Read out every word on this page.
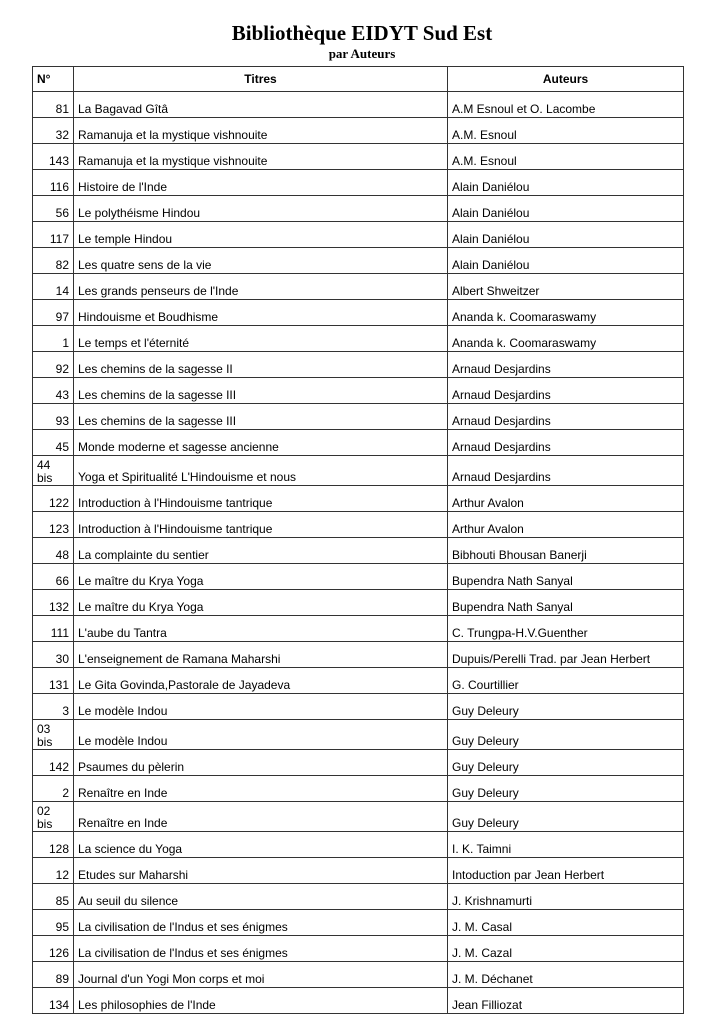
Bibliothèque EIDYT Sud Est
par Auteurs
N°	Titres	Auteurs
81	La Bagavad Gîtâ	A.M Esnoul et O. Lacombe
32	Ramanuja et la mystique vishnouite	A.M. Esnoul
143	Ramanuja et la mystique vishnouite	A.M. Esnoul
116	Histoire de l'Inde	Alain Daniélou
56	Le polythéisme Hindou	Alain Daniélou
117	Le temple Hindou	Alain Daniélou
82	Les quatre sens de la vie	Alain Daniélou
14	Les grands penseurs de l'Inde	Albert Shweitzer
97	Hindouisme et Boudhisme	Ananda k. Coomaraswamy
1	Le temps et l'éternité	Ananda k. Coomaraswamy
92	Les chemins de la sagesse II	Arnaud Desjardins
43	Les chemins de la sagesse III	Arnaud Desjardins
93	Les chemins de la sagesse III	Arnaud Desjardins
45	Monde moderne et sagesse ancienne	Arnaud Desjardins
44 bis	Yoga et Spiritualité L'Hindouisme et nous	Arnaud Desjardins
122	Introduction à l'Hindouisme tantrique	Arthur Avalon
123	Introduction à l'Hindouisme tantrique	Arthur Avalon
48	La complainte du sentier	Bibhouti Bhousan Banerji
66	Le maître du Krya Yoga	Bupendra Nath Sanyal
132	Le maître du Krya Yoga	Bupendra Nath Sanyal
111	L'aube du Tantra	C. Trungpa-H.V.Guenther
30	L'enseignement de Ramana Maharshi	Dupuis/Perelli Trad. par Jean Herbert
131	Le Gita Govinda,Pastorale de Jayadeva	G. Courtillier
3	Le modèle Indou	Guy Deleury
03 bis	Le modèle Indou	Guy Deleury
142	Psaumes du pèlerin	Guy Deleury
2	Renaître en Inde	Guy Deleury
02 bis	Renaître en Inde	Guy Deleury
128	La science du Yoga	I. K. Taimni
12	Etudes sur Maharshi	Intoduction par Jean Herbert
85	Au seuil du silence	J. Krishnamurti
95	La civilisation de l'Indus et ses énigmes	J. M. Casal
126	La civilisation de l'Indus et ses énigmes	J. M. Cazal
89	Journal d'un Yogi Mon corps et moi	J. M. Déchanet
134	Les philosophies de l'Inde	Jean Filliozat
